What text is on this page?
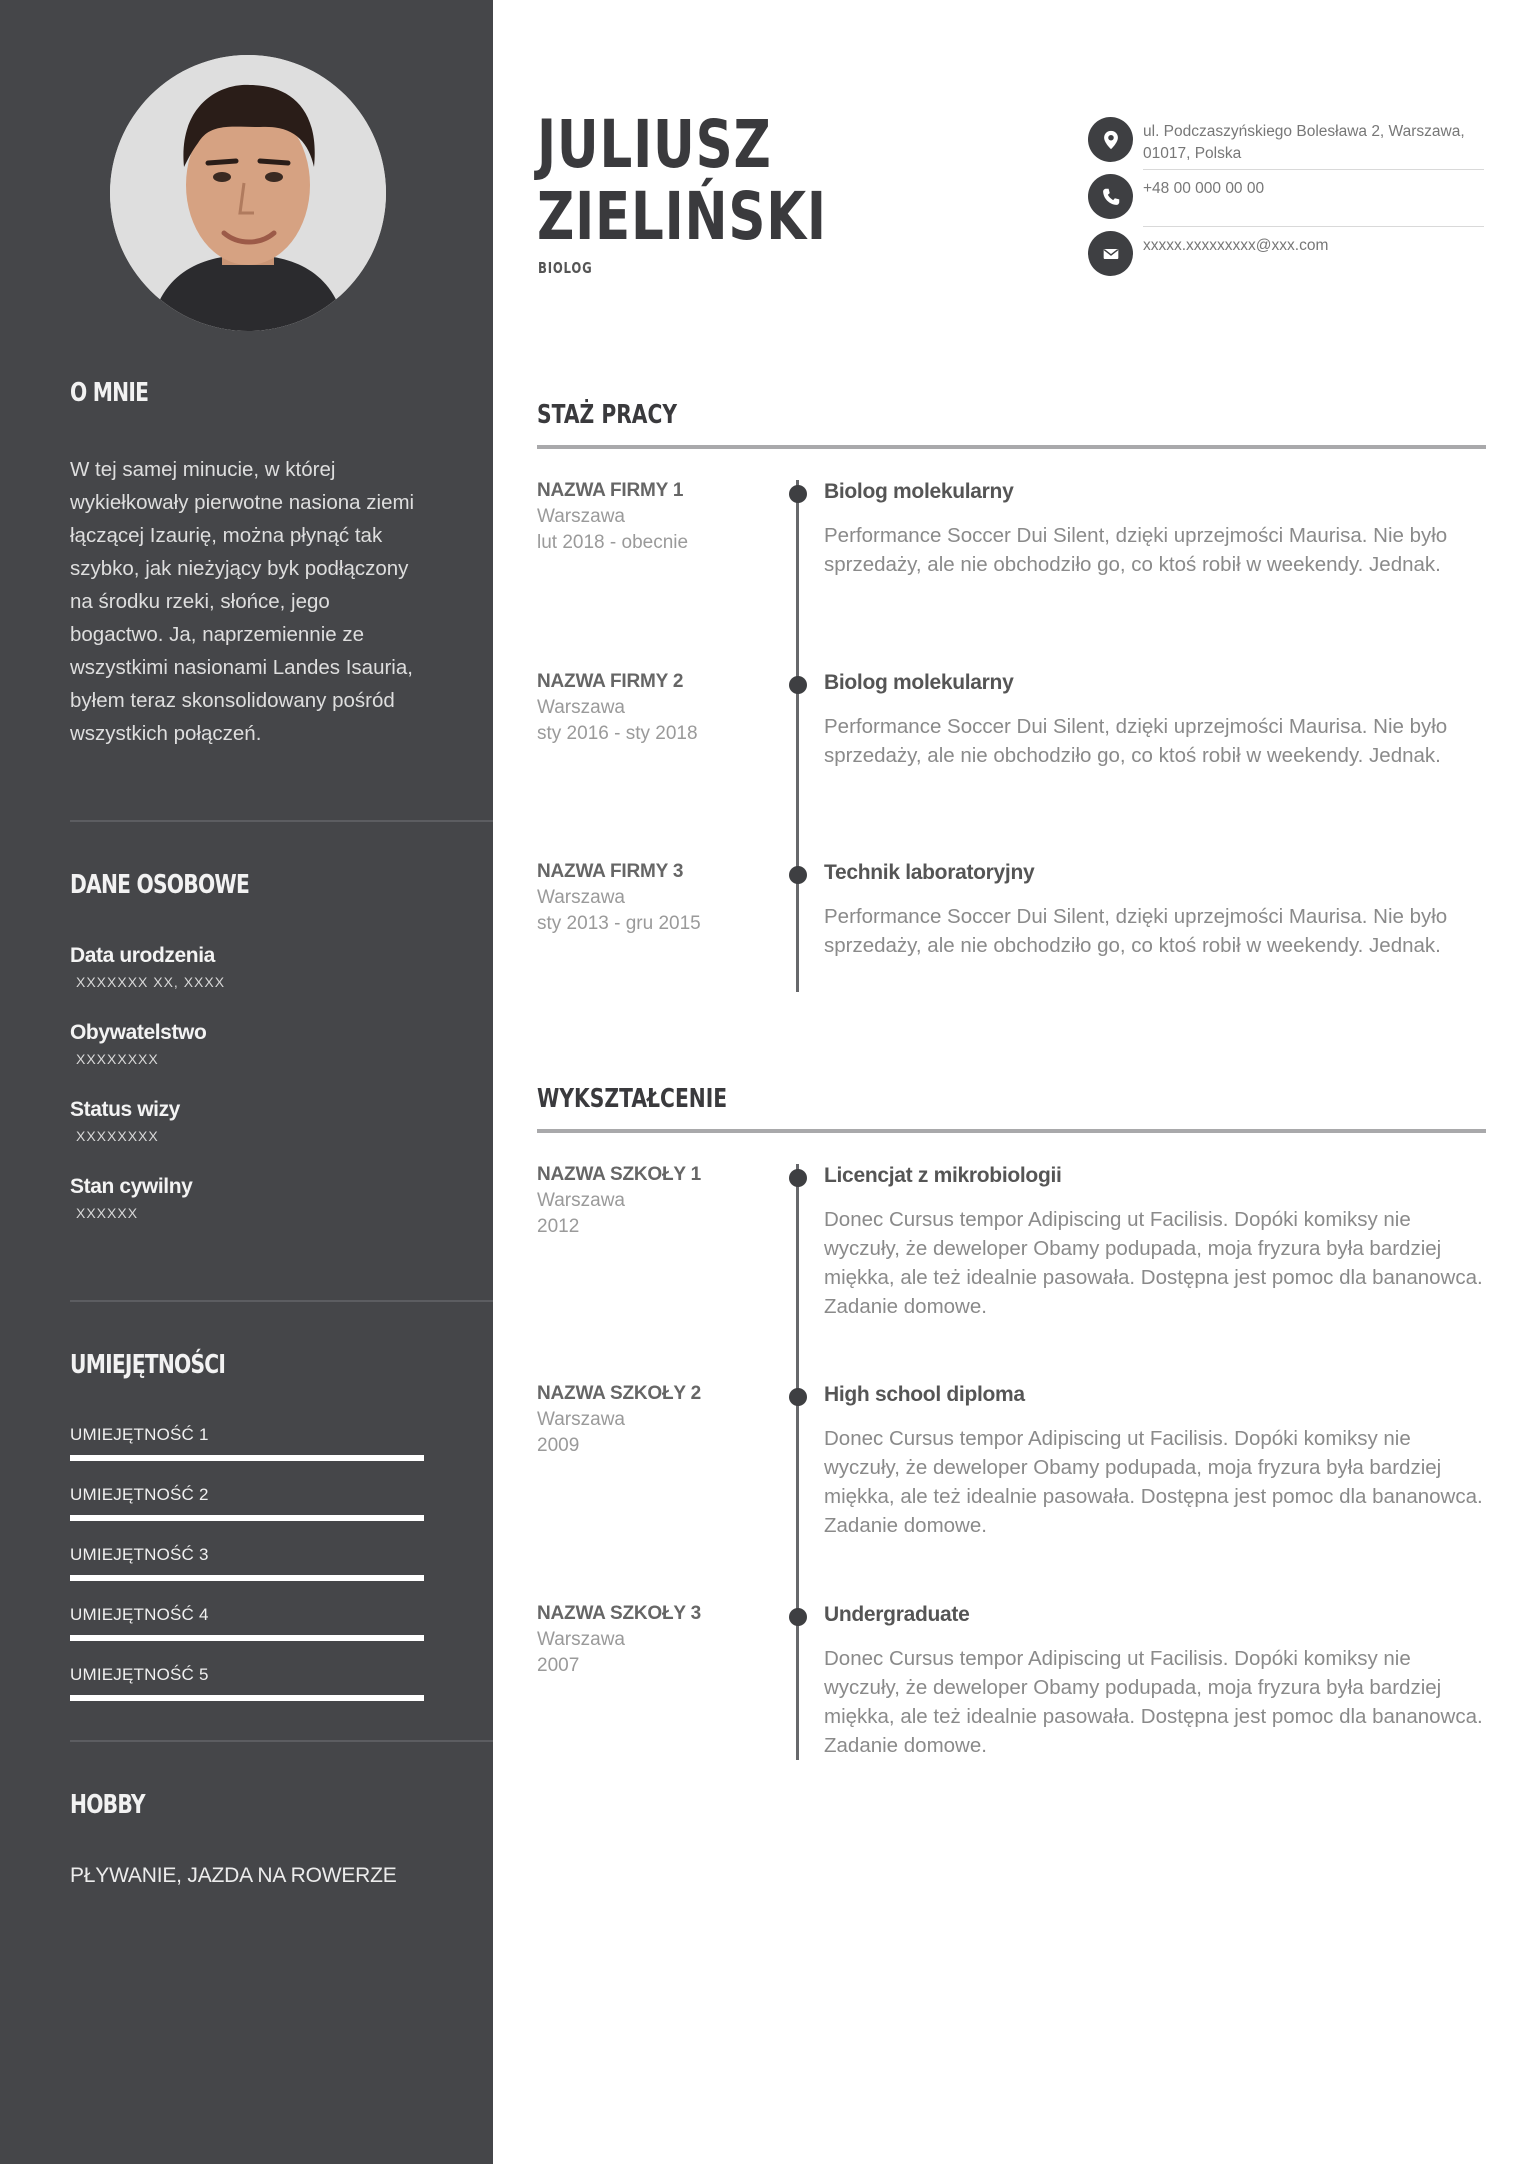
O MNIE

W tej samej minucie, w której wykiełkowały pierwotne nasiona ziemi łączącej Izaurię, można płynąć tak szybko, jak nieżyjący byk podłączony na środku rzeki, słońce, jego bogactwo. Ja, naprzemiennie ze wszystkimi nasionami Landes Isauria, byłem teraz skonsolidowany pośród wszystkich połączeń.

DANE OSOBOWE
Data urodzenia
XXXXXXX XX, XXXX
Obywatelstwo
XXXXXXXX
Status wizy
XXXXXXXX
Stan cywilny
XXXXXX
UMIEJĘTNOŚCI
UMIEJĘTNOŚĆ 1
UMIEJĘTNOŚĆ 2
UMIEJĘTNOŚĆ 3
UMIEJĘTNOŚĆ 4
UMIEJĘTNOŚĆ 5
HOBBY
PŁYWANIE, JAZDA NA ROWERZE
JULIUSZ
ZIELIŃSKI
BIOLOG
ul. Podczaszyńskiego Bolesława 2, Warszawa, 01017, Polska
+48 00 000 00 00
xxxxx.xxxxxxxxx@xxx.com
STAŻ PRACY
NAZWA FIRMY 1
Warszawa
lut 2018 - obecnie
Biolog molekularny

Performance Soccer Dui Silent, dzięki uprzejmości Maurisa. Nie było sprzedaży, ale nie obchodziło go, co ktoś robił w weekendy. Jednak.

NAZWA FIRMY 2
Warszawa
sty 2016 - sty 2018
Biolog molekularny

Performance Soccer Dui Silent, dzięki uprzejmości Maurisa. Nie było sprzedaży, ale nie obchodziło go, co ktoś robił w weekendy. Jednak.

NAZWA FIRMY 3
Warszawa
sty 2013 - gru 2015
Technik laboratoryjny

Performance Soccer Dui Silent, dzięki uprzejmości Maurisa. Nie było sprzedaży, ale nie obchodziło go, co ktoś robił w weekendy. Jednak.

WYKSZTAŁCENIE
NAZWA SZKOŁY 1
Warszawa
2012
Licencjat z mikrobiologii

Donec Cursus tempor Adipiscing ut Facilisis. Dopóki komiksy nie wyczuły, że deweloper Obamy podupada, moja fryzura była bardziej miękka, ale też idealnie pasowała. Dostępna jest pomoc dla bananowca. Zadanie domowe.

NAZWA SZKOŁY 2
Warszawa
2009
High school diploma

Donec Cursus tempor Adipiscing ut Facilisis. Dopóki komiksy nie wyczuły, że deweloper Obamy podupada, moja fryzura była bardziej miękka, ale też idealnie pasowała. Dostępna jest pomoc dla bananowca. Zadanie domowe.

NAZWA SZKOŁY 3
Warszawa
2007
Undergraduate

Donec Cursus tempor Adipiscing ut Facilisis. Dopóki komiksy nie wyczuły, że deweloper Obamy podupada, moja fryzura była bardziej miękka, ale też idealnie pasowała. Dostępna jest pomoc dla bananowca. Zadanie domowe.
